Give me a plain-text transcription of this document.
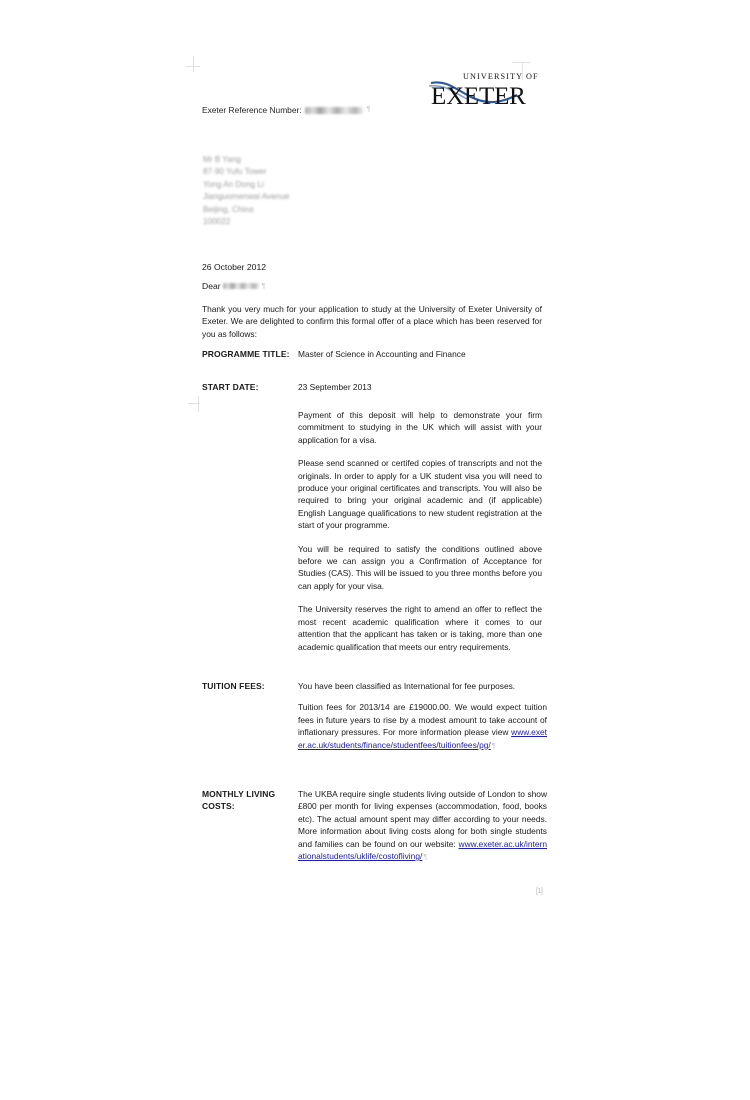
UNIVERSITY OF
EXETER
Exeter Reference Number:	¶
Mr B Yang
87-90 Yufu Tower
Yong An Dong Li
Jianguomenwai Avenue
Beijing, China
100022
26 October 2012
Dear	¶
Thank you very much for your application to study at the University of Exeter University of Exeter. We are delighted to confirm this formal offer of a place which has been reserved for you as follows:
PROGRAMME TITLE:	Master of Science in Accounting and Finance
START DATE:	23 September 2013

Payment of this deposit will help to demonstrate your firm commitment to studying in the UK which will assist with your application for a visa.

Please send scanned or certifed copies of transcripts and not the originals. In order to apply for a UK student visa you will need to produce your original certificates and transcripts. You will also be required to bring your original academic and (if applicable) English Language qualifications to new student registration at the start of your programme.

You will be required to satisfy the conditions outlined above before we can assign you a Confirmation of Acceptance for Studies (CAS). This will be issued to you three months before you can apply for your visa.

The University reserves the right to amend an offer to reflect the most recent academic qualification where it comes to our attention that the applicant has taken or is taking, more than one academic qualification that meets our entry requirements.

TUITION FEES:	You have been classified as International for fee purposes.

Tuition fees for 2013/14 are £19000.00. We would expect tuition fees in future years to rise by a modest amount to take account of inflationary pressures. For more information please view www.exeter.ac.uk/students/finance/studentfees/tuitionfees/pg/¶

MONTHLY LIVING COSTS:

The UKBA require single students living outside of London to show £800 per month for living expenses (accommodation, food, books etc). The actual amount spent may differ according to your needs. More information about living costs along for both single students and families can be found on our website: www.exeter.ac.uk/internationalstudents/uklife/costofliving/¶

[1]
